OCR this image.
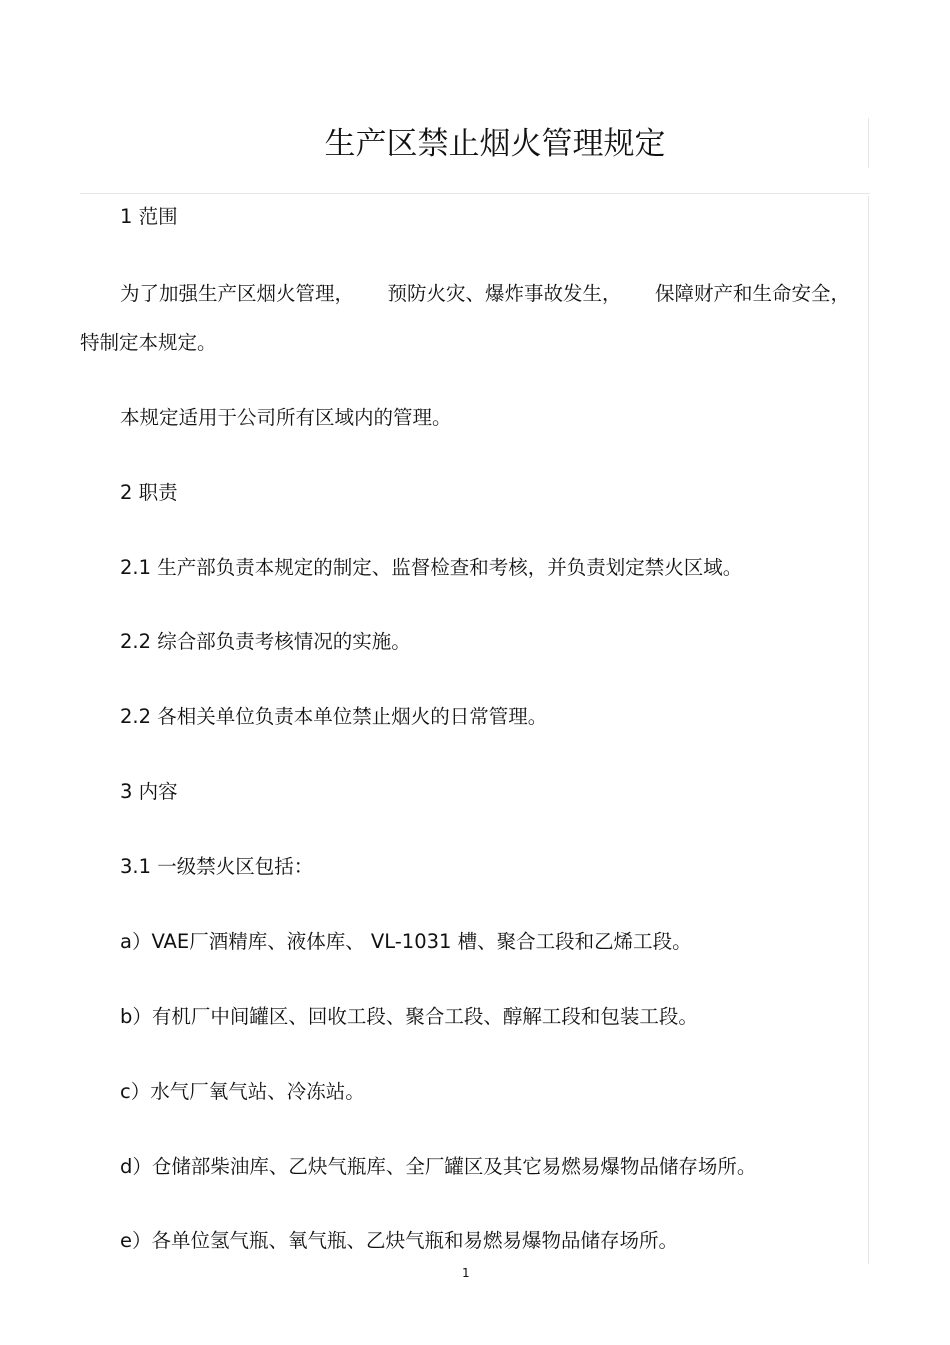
生产区禁止烟火管理规定

1 范围

为了加强生产区烟火管理， 预防火灾、爆炸事故发生， 保障财产和生命安全，

特制定本规定。

本规定适用于公司所有区域内的管理。

2 职责

2.1 生产部负责本规定的制定、监督检查和考核，并负责划定禁火区域。

2.2 综合部负责考核情况的实施。

2.2 各相关单位负责本单位禁止烟火的日常管理。

3 内容

3.1 一级禁火区包括：

a）VAE厂酒精库、液体库、 VL-1031 槽、聚合工段和乙烯工段。

b）有机厂中间罐区、回收工段、聚合工段、醇解工段和包装工段。

c）水气厂氧气站、冷冻站。

d）仓储部柴油库、乙炔气瓶库、全厂罐区及其它易燃易爆物品储存场所。

e）各单位氢气瓶、氧气瓶、乙炔气瓶和易燃易爆物品储存场所。

1
